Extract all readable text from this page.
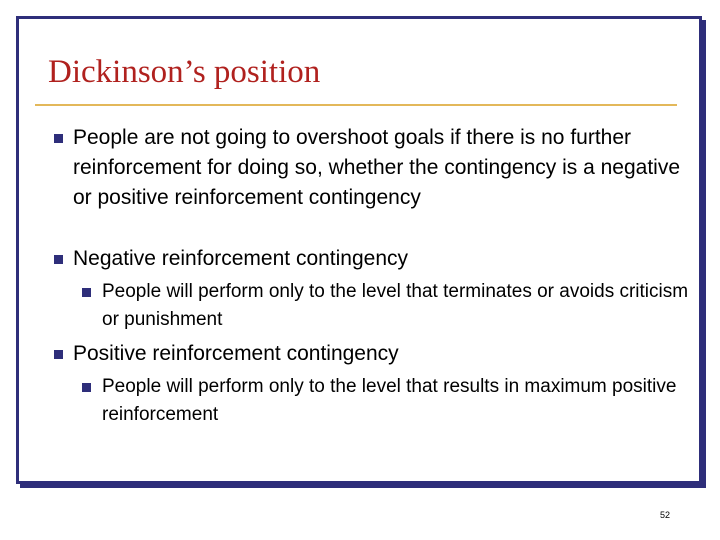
Dickinson’s position

People are not going to overshoot goals if there is no further reinforcement for doing so, whether the contingency is a negative or positive reinforcement contingency

Negative reinforcement contingency

People will perform only to the level that terminates or avoids criticism or punishment

Positive reinforcement contingency

People will perform only to the level that results in maximum positive reinforcement

52
